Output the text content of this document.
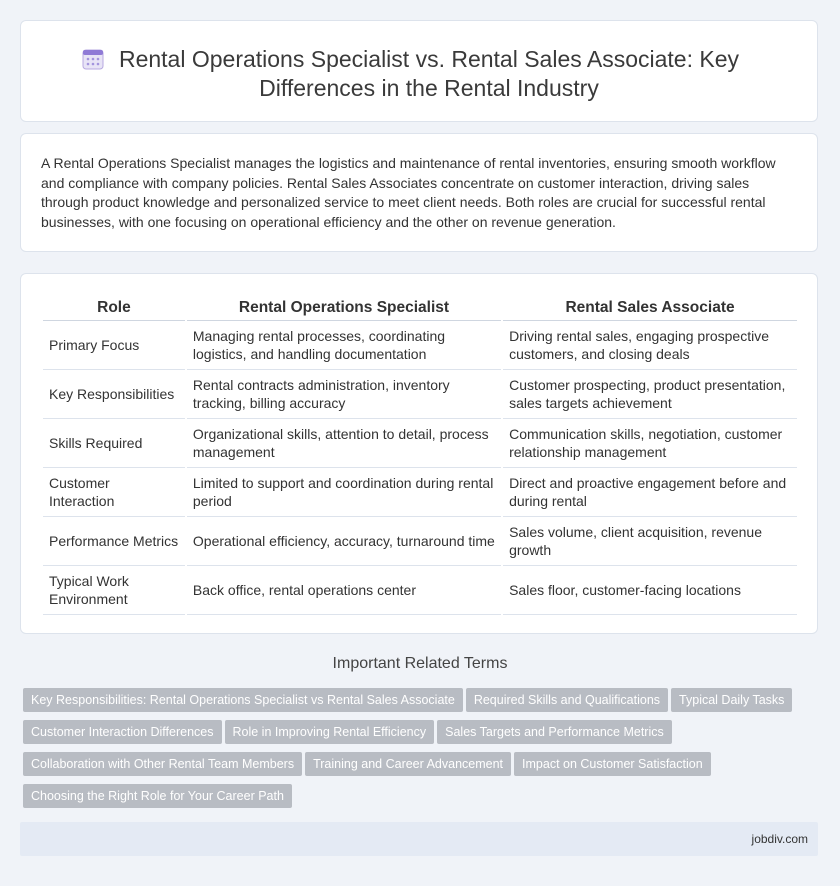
Rental Operations Specialist vs. Rental Sales Associate: Key Differences in the Rental Industry
A Rental Operations Specialist manages the logistics and maintenance of rental inventories, ensuring smooth workflow and compliance with company policies. Rental Sales Associates concentrate on customer interaction, driving sales through product knowledge and personalized service to meet client needs. Both roles are crucial for successful rental businesses, with one focusing on operational efficiency and the other on revenue generation.
Role	Rental Operations Specialist	Rental Sales Associate
Primary Focus	Managing rental processes, coordinating logistics, and handling documentation	Driving rental sales, engaging prospective customers, and closing deals
Key Responsibilities	Rental contracts administration, inventory tracking, billing accuracy	Customer prospecting, product presentation, sales targets achievement
Skills Required	Organizational skills, attention to detail, process management	Communication skills, negotiation, customer relationship management
Customer Interaction	Limited to support and coordination during rental period	Direct and proactive engagement before and during rental
Performance Metrics	Operational efficiency, accuracy, turnaround time	Sales volume, client acquisition, revenue growth
Typical Work Environment	Back office, rental operations center	Sales floor, customer-facing locations
Important Related Terms
Key Responsibilities: Rental Operations Specialist vs Rental Sales Associate Required Skills and Qualifications Typical Daily TasksCustomer Interaction Differences Role in Improving Rental Efficiency Sales Targets and Performance MetricsCollaboration with Other Rental Team Members Training and Career Advancement Impact on Customer SatisfactionChoosing the Right Role for Your Career Path
jobdiv.com
